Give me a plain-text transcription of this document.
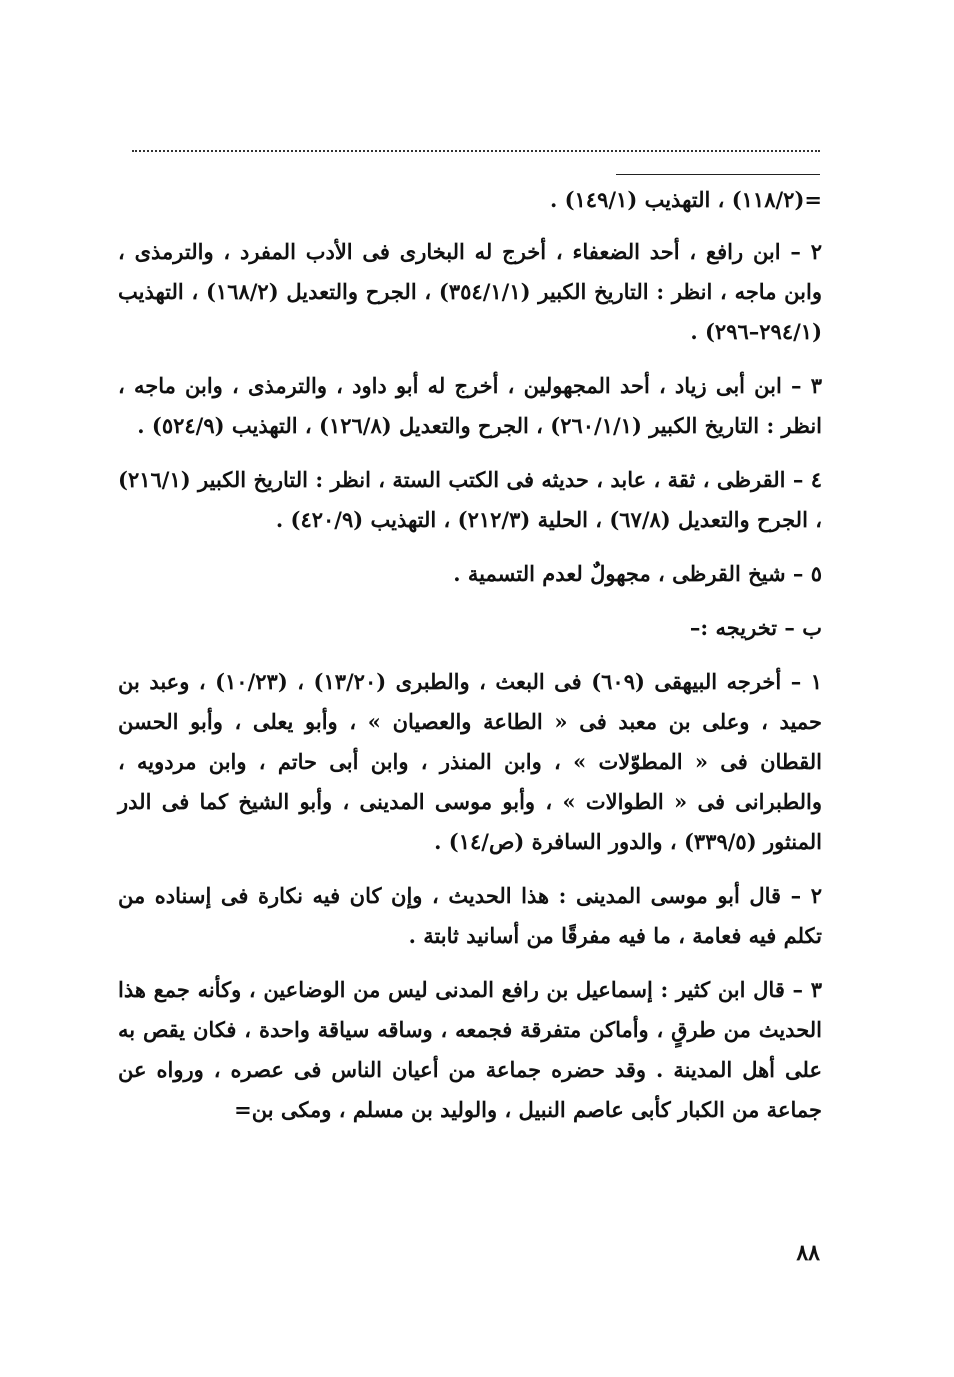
=(١١٨/٢) ، التهذيب (١٤٩/١) .

٢ – ابن رافع ، أحد الضعفاء ، أخرج له البخارى فى الأدب المفرد ، والترمذى ، وابن ماجه ، انظر : التاريخ الكبير (٣٥٤/١/١) ، الجرح والتعديل (١٦٨/٢) ، التهذيب (٢٩٤/١–٢٩٦) .

٣ – ابن أبى زياد ، أحد المجهولين ، أخرج له أبو داود ، والترمذى ، وابن ماجه ، انظر : التاريخ الكبير (٢٦٠/١/١) ، الجرح والتعديل (١٢٦/٨) ، التهذيب (٥٢٤/٩) .

٤ – القرظى ، ثقة ، عابد ، حديثه فى الكتب الستة ، انظر : التاريخ الكبير (٢١٦/١) ، الجرح والتعديل (٦٧/٨) ، الحلية (٢١٢/٣) ، التهذيب (٤٢٠/٩) .

٥ – شيخ القرظى ، مجهولٌ لعدم التسمية .

ب – تخريجه :–

١ – أخرجه البيهقى (٦٠٩) فى البعث ، والطبرى (١٣/٢٠) ، (١٠/٢٣) ، وعبد بن حميد ، وعلى بن معبد فى « الطاعة والعصيان » ، وأبو يعلى ، وأبو الحسن القطان فى « المطوّلات » ، وابن المنذر ، وابن أبى حاتم ، وابن مردويه ، والطبرانى فى « الطوالات » ، وأبو موسى المدينى ، وأبو الشيخ كما فى الدر المنثور (٣٣٩/٥) ، والدور السافرة (ص/١٤) .

٢ – قال أبو موسى المدينى : هذا الحديث ، وإن كان فيه نكارة فى إسناده من تكلم فيه فعامة ، ما فيه مفرقًا من أسانيد ثابتة .

٣ – قال ابن كثير : إسماعيل بن رافع المدنى ليس من الوضاعين ، وكأنه جمع هذا الحديث من طرقٍ ، وأماكن متفرقة فجمعه ، وساقه سياقة واحدة ، فكان يقص به على أهل المدينة . وقد حضره جماعة من أعيان الناس فى عصره ، ورواه عن جماعة من الكبار كأبى عاصم النبيل ، والوليد بن مسلم ، ومكى بن=

٨٨
